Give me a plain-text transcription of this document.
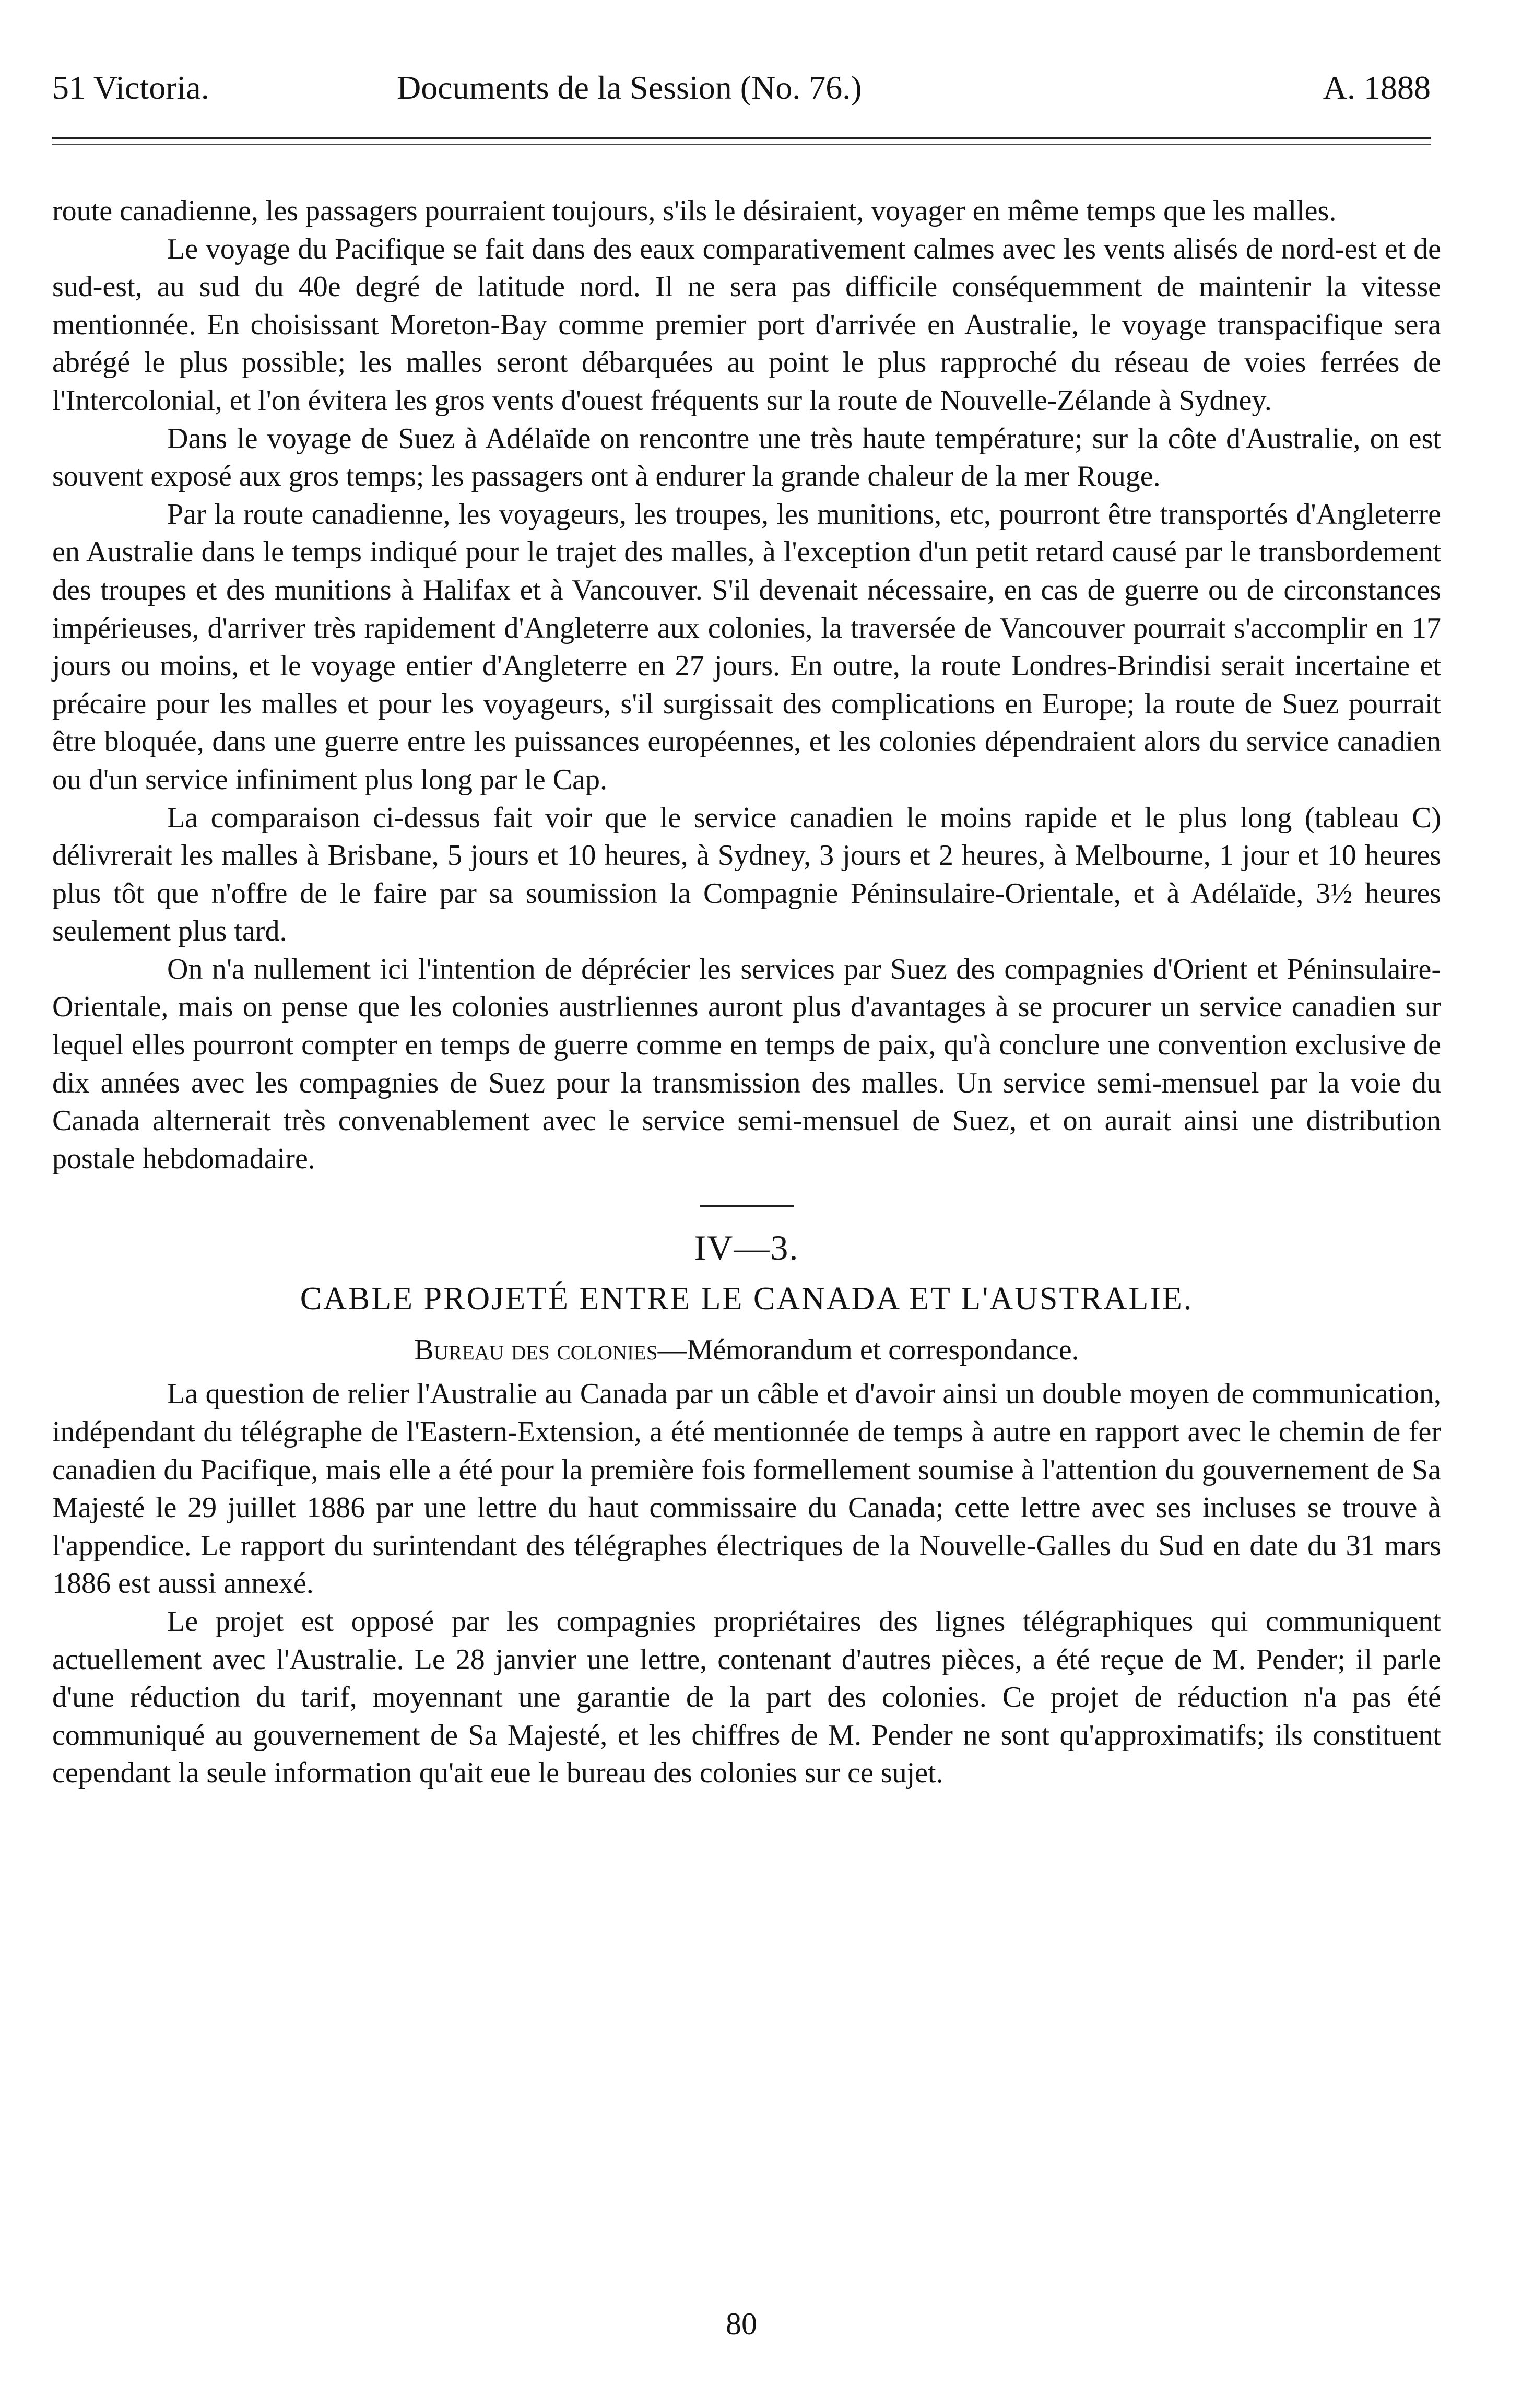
51 Victoria.	Documents de la Session (No. 76.)	A. 1888

route canadienne, les passagers pourraient toujours, s'ils le désiraient, voyager en même temps que les malles.

Le voyage du Pacifique se fait dans des eaux comparativement calmes avec les vents alisés de nord-est et de sud-est, au sud du 40e degré de latitude nord. Il ne sera pas difficile conséquemment de maintenir la vitesse mentionnée. En choisissant Moreton-Bay comme premier port d'arrivée en Australie, le voyage transpacifique sera abrégé le plus possible; les malles seront débarquées au point le plus rapproché du réseau de voies ferrées de l'Intercolonial, et l'on évitera les gros vents d'ouest fréquents sur la route de Nouvelle-Zélande à Sydney.

Dans le voyage de Suez à Adélaïde on rencontre une très haute température; sur la côte d'Australie, on est souvent exposé aux gros temps; les passagers ont à endurer la grande chaleur de la mer Rouge.

Par la route canadienne, les voyageurs, les troupes, les munitions, etc, pourront être transportés d'Angleterre en Australie dans le temps indiqué pour le trajet des malles, à l'exception d'un petit retard causé par le transbordement des troupes et des munitions à Halifax et à Vancouver. S'il devenait nécessaire, en cas de guerre ou de circonstances impérieuses, d'arriver très rapidement d'Angleterre aux colonies, la traversée de Vancouver pourrait s'accomplir en 17 jours ou moins, et le voyage entier d'Angleterre en 27 jours. En outre, la route Londres-Brindisi serait incertaine et précaire pour les malles et pour les voyageurs, s'il surgissait des complications en Europe; la route de Suez pourrait être bloquée, dans une guerre entre les puissances européennes, et les colonies dépendraient alors du service canadien ou d'un service infiniment plus long par le Cap.

La comparaison ci-dessus fait voir que le service canadien le moins rapide et le plus long (tableau C) délivrerait les malles à Brisbane, 5 jours et 10 heures, à Sydney, 3 jours et 2 heures, à Melbourne, 1 jour et 10 heures plus tôt que n'offre de le faire par sa soumission la Compagnie Péninsulaire-Orientale, et à Adélaïde, 3½ heures seulement plus tard.

On n'a nullement ici l'intention de déprécier les services par Suez des compagnies d'Orient et Péninsulaire-Orientale, mais on pense que les colonies austrliennes auront plus d'avantages à se procurer un service canadien sur lequel elles pourront compter en temps de guerre comme en temps de paix, qu'à conclure une convention exclusive de dix années avec les compagnies de Suez pour la transmission des malles. Un service semi-mensuel par la voie du Canada alternerait très convenablement avec le service semi-mensuel de Suez, et on aurait ainsi une distribution postale hebdomadaire.

IV—3.
CABLE PROJETÉ ENTRE LE CANADA ET L'AUSTRALIE.
Bureau des colonies—Mémorandum et correspondance.

La question de relier l'Australie au Canada par un câble et d'avoir ainsi un double moyen de communication, indépendant du télégraphe de l'Eastern-Extension, a été mentionnée de temps à autre en rapport avec le chemin de fer canadien du Pacifique, mais elle a été pour la première fois formellement soumise à l'attention du gouvernement de Sa Majesté le 29 juillet 1886 par une lettre du haut commissaire du Canada; cette lettre avec ses incluses se trouve à l'appendice. Le rapport du surintendant des télégraphes électriques de la Nouvelle-Galles du Sud en date du 31 mars 1886 est aussi annexé.

Le projet est opposé par les compagnies propriétaires des lignes télégraphiques qui communiquent actuellement avec l'Australie. Le 28 janvier une lettre, contenant d'autres pièces, a été reçue de M. Pender; il parle d'une réduction du tarif, moyennant une garantie de la part des colonies. Ce projet de réduction n'a pas été communiqué au gouvernement de Sa Majesté, et les chiffres de M. Pender ne sont qu'approximatifs; ils constituent cependant la seule information qu'ait eue le bureau des colonies sur ce sujet.

80
